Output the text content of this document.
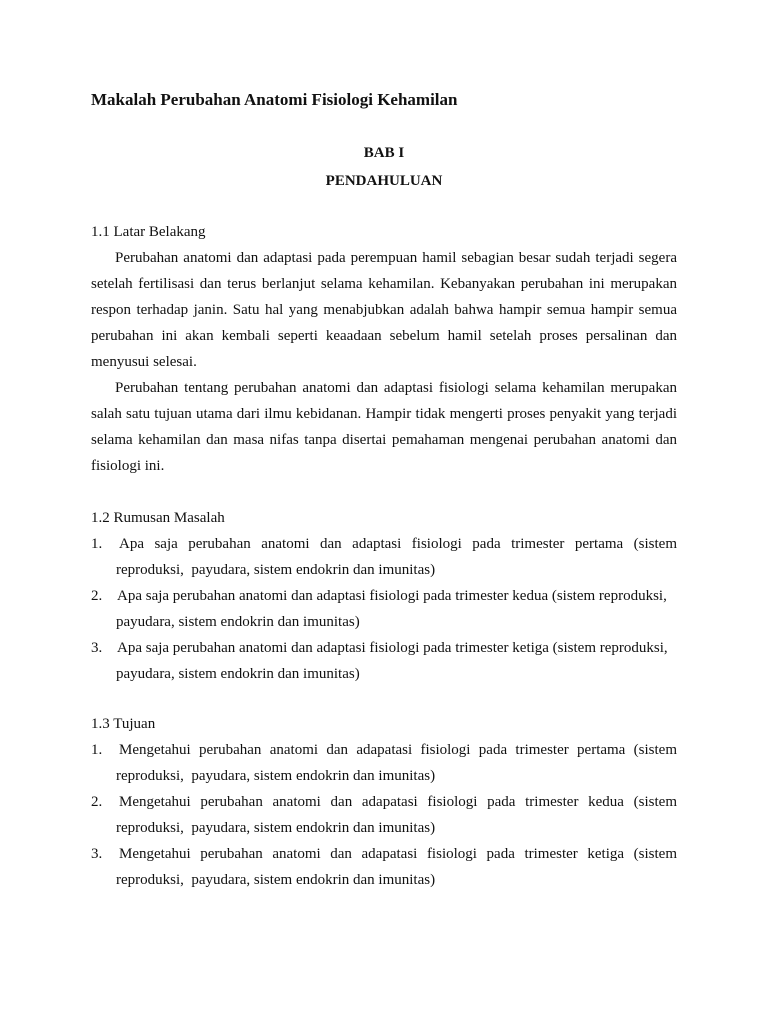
Makalah Perubahan Anatomi Fisiologi Kehamilan
BAB I
PENDAHULUAN
1.1 Latar Belakang
Perubahan anatomi dan adaptasi pada perempuan hamil sebagian besar sudah terjadi segera
setelah fertilisasi dan terus berlanjut selama kehamilan. Kebanyakan perubahan ini merupakan
respon terhadap janin. Satu hal yang menabjubkan adalah bahwa hampir semua hampir semua
perubahan ini akan kembali seperti keaadaan sebelum hamil setelah proses persalinan dan
menyusui selesai.
Perubahan tentang perubahan anatomi dan adaptasi fisiologi selama kehamilan merupakan
salah satu tujuan utama dari ilmu kebidanan. Hampir tidak mengerti proses penyakit yang terjadi
selama kehamilan dan masa nifas tanpa disertai pemahaman mengenai perubahan anatomi dan
fisiologi ini.
1.2 Rumusan Masalah
1. Apa saja perubahan anatomi dan adaptasi fisiologi pada trimester pertama (sistem
reproduksi,  payudara, sistem endokrin dan imunitas)
2. Apa saja perubahan anatomi dan adaptasi fisiologi pada trimester kedua (sistem reproduksi,
payudara, sistem endokrin dan imunitas)
3. Apa saja perubahan anatomi dan adaptasi fisiologi pada trimester ketiga (sistem reproduksi,
payudara, sistem endokrin dan imunitas)
1.3 Tujuan
1. Mengetahui perubahan anatomi dan adapatasi fisiologi pada trimester pertama (sistem
reproduksi,  payudara, sistem endokrin dan imunitas)
2. Mengetahui perubahan anatomi dan adapatasi fisiologi pada trimester kedua (sistem
reproduksi,  payudara, sistem endokrin dan imunitas)
3. Mengetahui perubahan anatomi dan adapatasi fisiologi pada trimester ketiga (sistem
reproduksi,  payudara, sistem endokrin dan imunitas)
